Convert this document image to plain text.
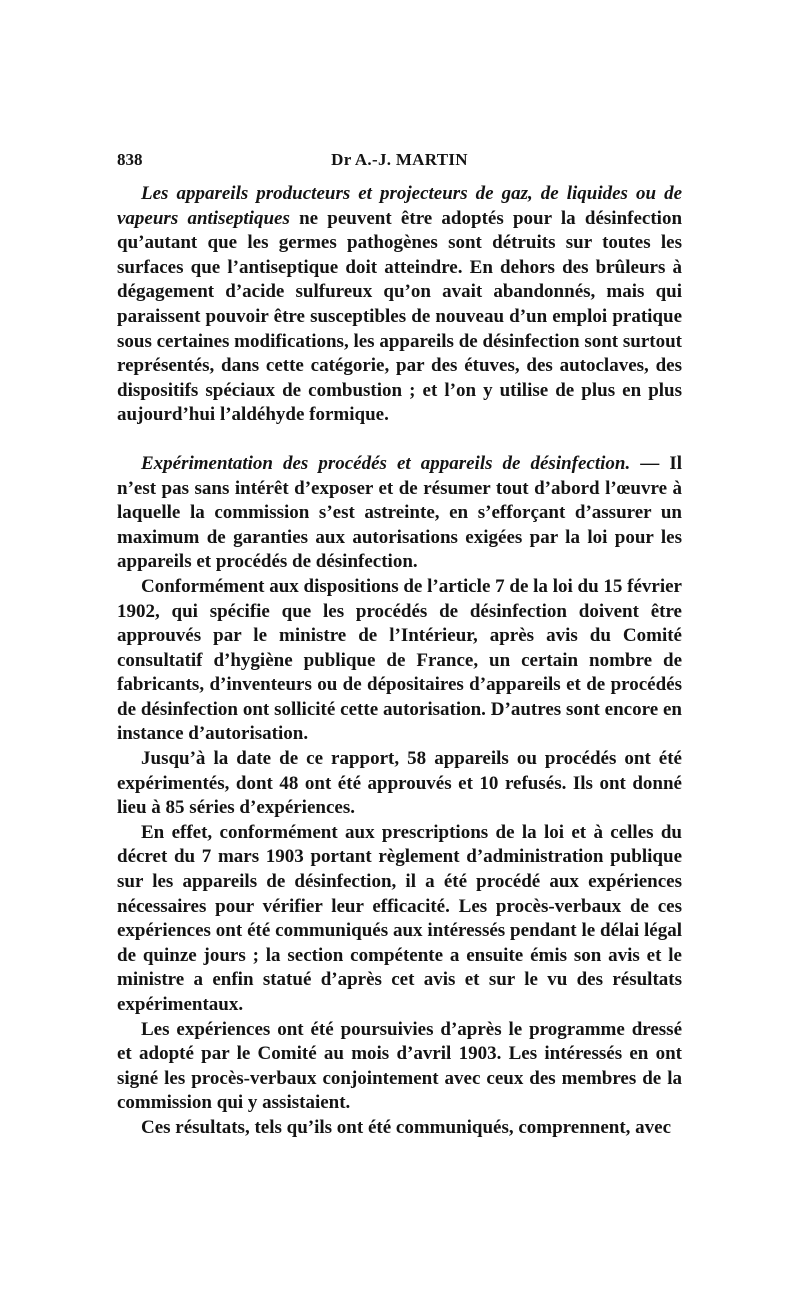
838	Dr A.-J. MARTIN

Les appareils producteurs et projecteurs de gaz, de liquides ou de vapeurs antiseptiques ne peuvent être adoptés pour la désinfection qu’autant que les germes pathogènes sont détruits sur toutes les surfaces que l’antiseptique doit atteindre. En dehors des brûleurs à dégagement d’acide sulfureux qu’on avait abandonnés, mais qui paraissent pouvoir être susceptibles de nouveau d’un emploi pratique sous certaines modifications, les appareils de désinfection sont surtout représentés, dans cette catégorie, par des étuves, des autoclaves, des dispositifs spéciaux de combustion ; et l’on y utilise de plus en plus aujourd’hui l’aldéhyde formique.

Expérimentation des procédés et appareils de désinfection. — Il n’est pas sans intérêt d’exposer et de résumer tout d’abord l’œuvre à laquelle la commission s’est astreinte, en s’efforçant d’assurer un maximum de garanties aux autorisations exigées par la loi pour les appareils et procédés de désinfection.

Conformément aux dispositions de l’article 7 de la loi du 15 février 1902, qui spécifie que les procédés de désinfection doivent être approuvés par le ministre de l’Intérieur, après avis du Comité consultatif d’hygiène publique de France, un certain nombre de fabricants, d’inventeurs ou de dépositaires d’appareils et de procédés de désinfection ont sollicité cette autorisation. D’autres sont encore en instance d’autorisation.

Jusqu’à la date de ce rapport, 58 appareils ou procédés ont été expérimentés, dont 48 ont été approuvés et 10 refusés. Ils ont donné lieu à 85 séries d’expériences.

En effet, conformément aux prescriptions de la loi et à celles du décret du 7 mars 1903 portant règlement d’administration publique sur les appareils de désinfection, il a été procédé aux expériences nécessaires pour vérifier leur efficacité. Les procès-verbaux de ces expériences ont été communiqués aux intéressés pendant le délai légal de quinze jours ; la section compétente a ensuite émis son avis et le ministre a enfin statué d’après cet avis et sur le vu des résultats expérimentaux.

Les expériences ont été poursuivies d’après le programme dressé et adopté par le Comité au mois d’avril 1903. Les intéressés en ont signé les procès-verbaux conjointement avec ceux des membres de la commission qui y assistaient.

Ces résultats, tels qu’ils ont été communiqués, comprennent, avec
